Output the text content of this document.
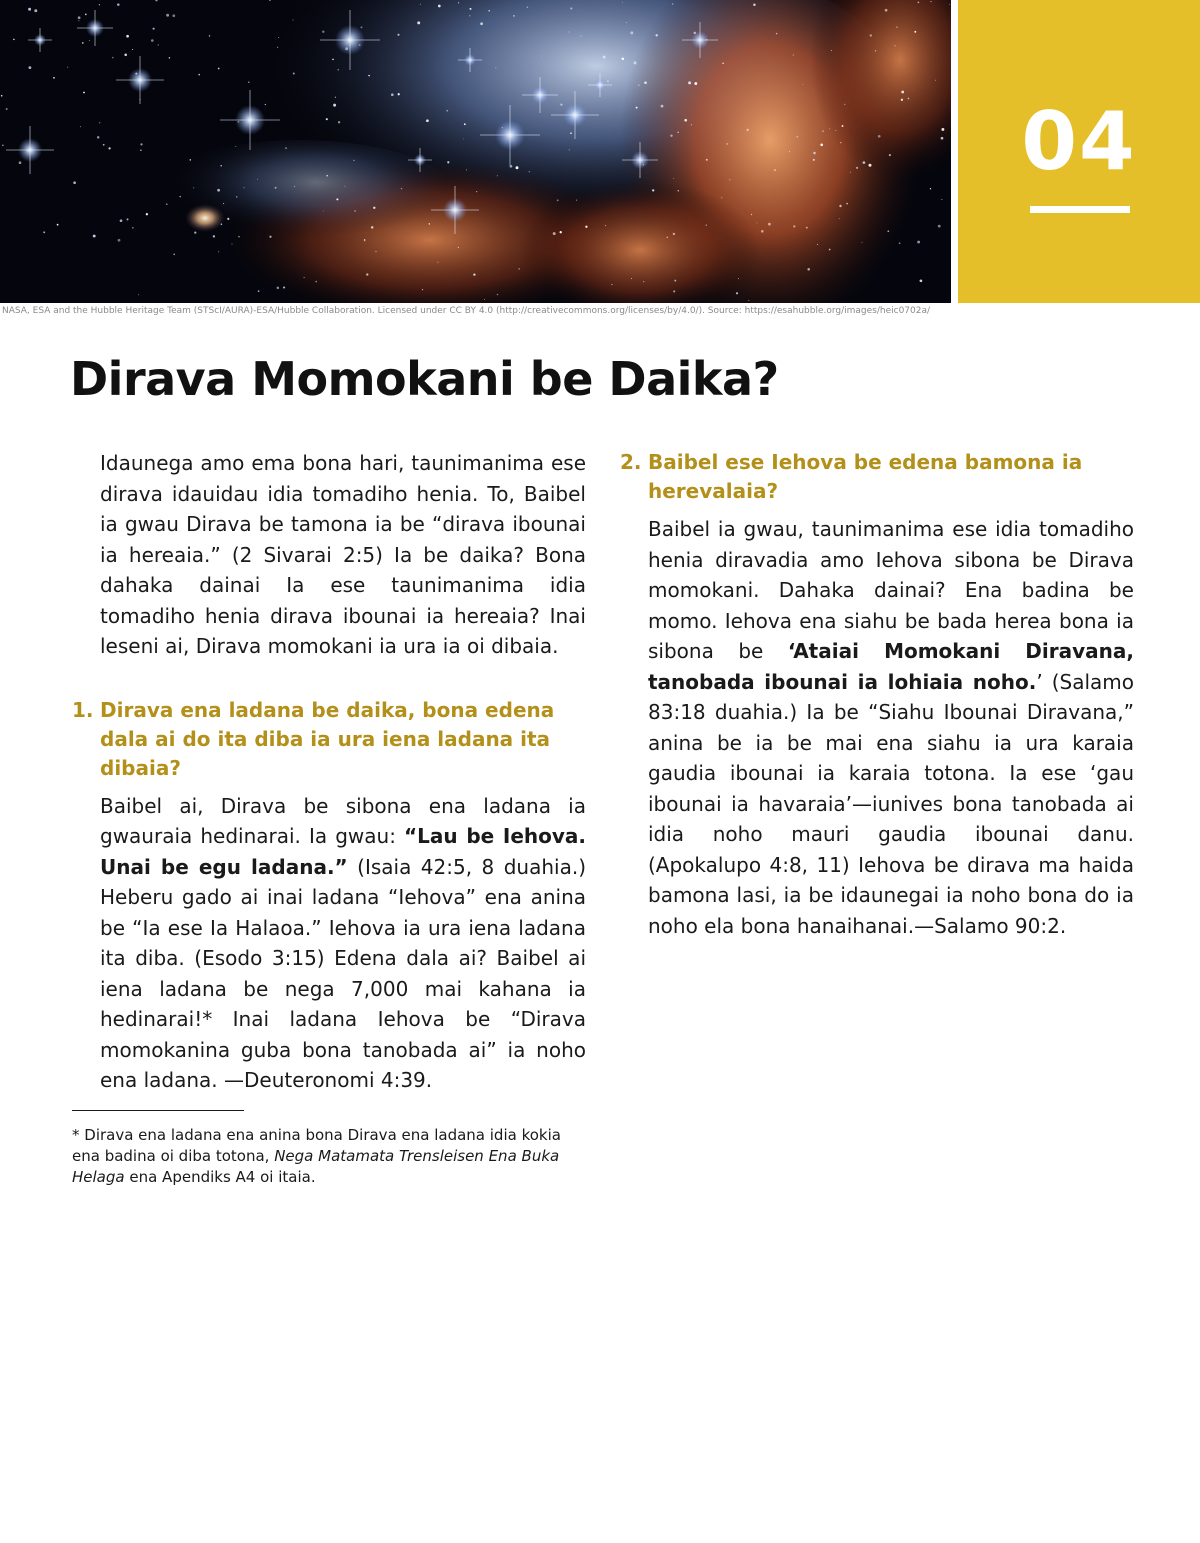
04
NASA, ESA and the Hubble Heritage Team (STScI/AURA)-ESA/Hubble Collaboration. Licensed under CC BY 4.0 (http://creativecommons.org/licenses/by/4.0/). Source: https://esahubble.org/images/heic0702a/
Dirava Momokani be Daika?

Idaunega amo ema bona hari, taunimanima ese dirava idauidau idia tomadiho henia. To, Baibel ia gwau Dirava be tamona ia be “dirava ibounai ia hereaia.” (2 Sivarai 2:5) Ia be daika? Bona dahaka dainai Ia ese taunimanima idia tomadiho henia dirava ibounai ia hereaia? Inai leseni ai, Dirava momokani ia ura ia oi dibaia.

1. Dirava ena ladana be daika, bona edena dala ai do ita diba ia ura iena ladana ita dibaia?

Baibel ai, Dirava be sibona ena ladana ia gwauraia hedinarai. Ia gwau: “Lau be Iehova. Unai be egu ladana.” (Isaia 42:5, 8 duahia.) Heberu gado ai inai ladana “Iehova” ena anina be “Ia ese Ia Halaoa.” Iehova ia ura iena ladana ita diba. (Esodo 3:15) Edena dala ai? Baibel ai iena ladana be nega 7,000 mai kahana ia hedinarai!* Inai ladana Iehova be “Dirava momokanina guba bona tanobada ai” ia noho ena ladana. —Deuteronomi 4:39.

* Dirava ena ladana ena anina bona Dirava ena ladana idia kokia ena badina oi diba totona, Nega Matamata Trensleisen Ena Buka Helaga ena Apendiks A4 oi itaia.

2. Baibel ese Iehova be edena bamona ia herevalaia?

Baibel ia gwau, taunimanima ese idia tomadiho henia diravadia amo Iehova sibona be Dirava momokani. Dahaka dainai? Ena badina be momo. Iehova ena siahu be bada herea bona ia sibona be ‘Ataiai Momokani Diravana, tanobada ibounai ia lohiaia noho.’ (Salamo 83:18 duahia.) Ia be “Siahu Ibounai Diravana,” anina be ia be mai ena siahu ia ura karaia gaudia ibounai ia karaia totona. Ia ese ‘gau ibounai ia havaraia’—iunives bona tanobada ai idia noho mauri gaudia ibounai danu. (Apokalupo 4:8, 11) Iehova be dirava ma haida bamona lasi, ia be idaunegai ia noho bona do ia noho ela bona hanaihanai.—Salamo 90:2.
